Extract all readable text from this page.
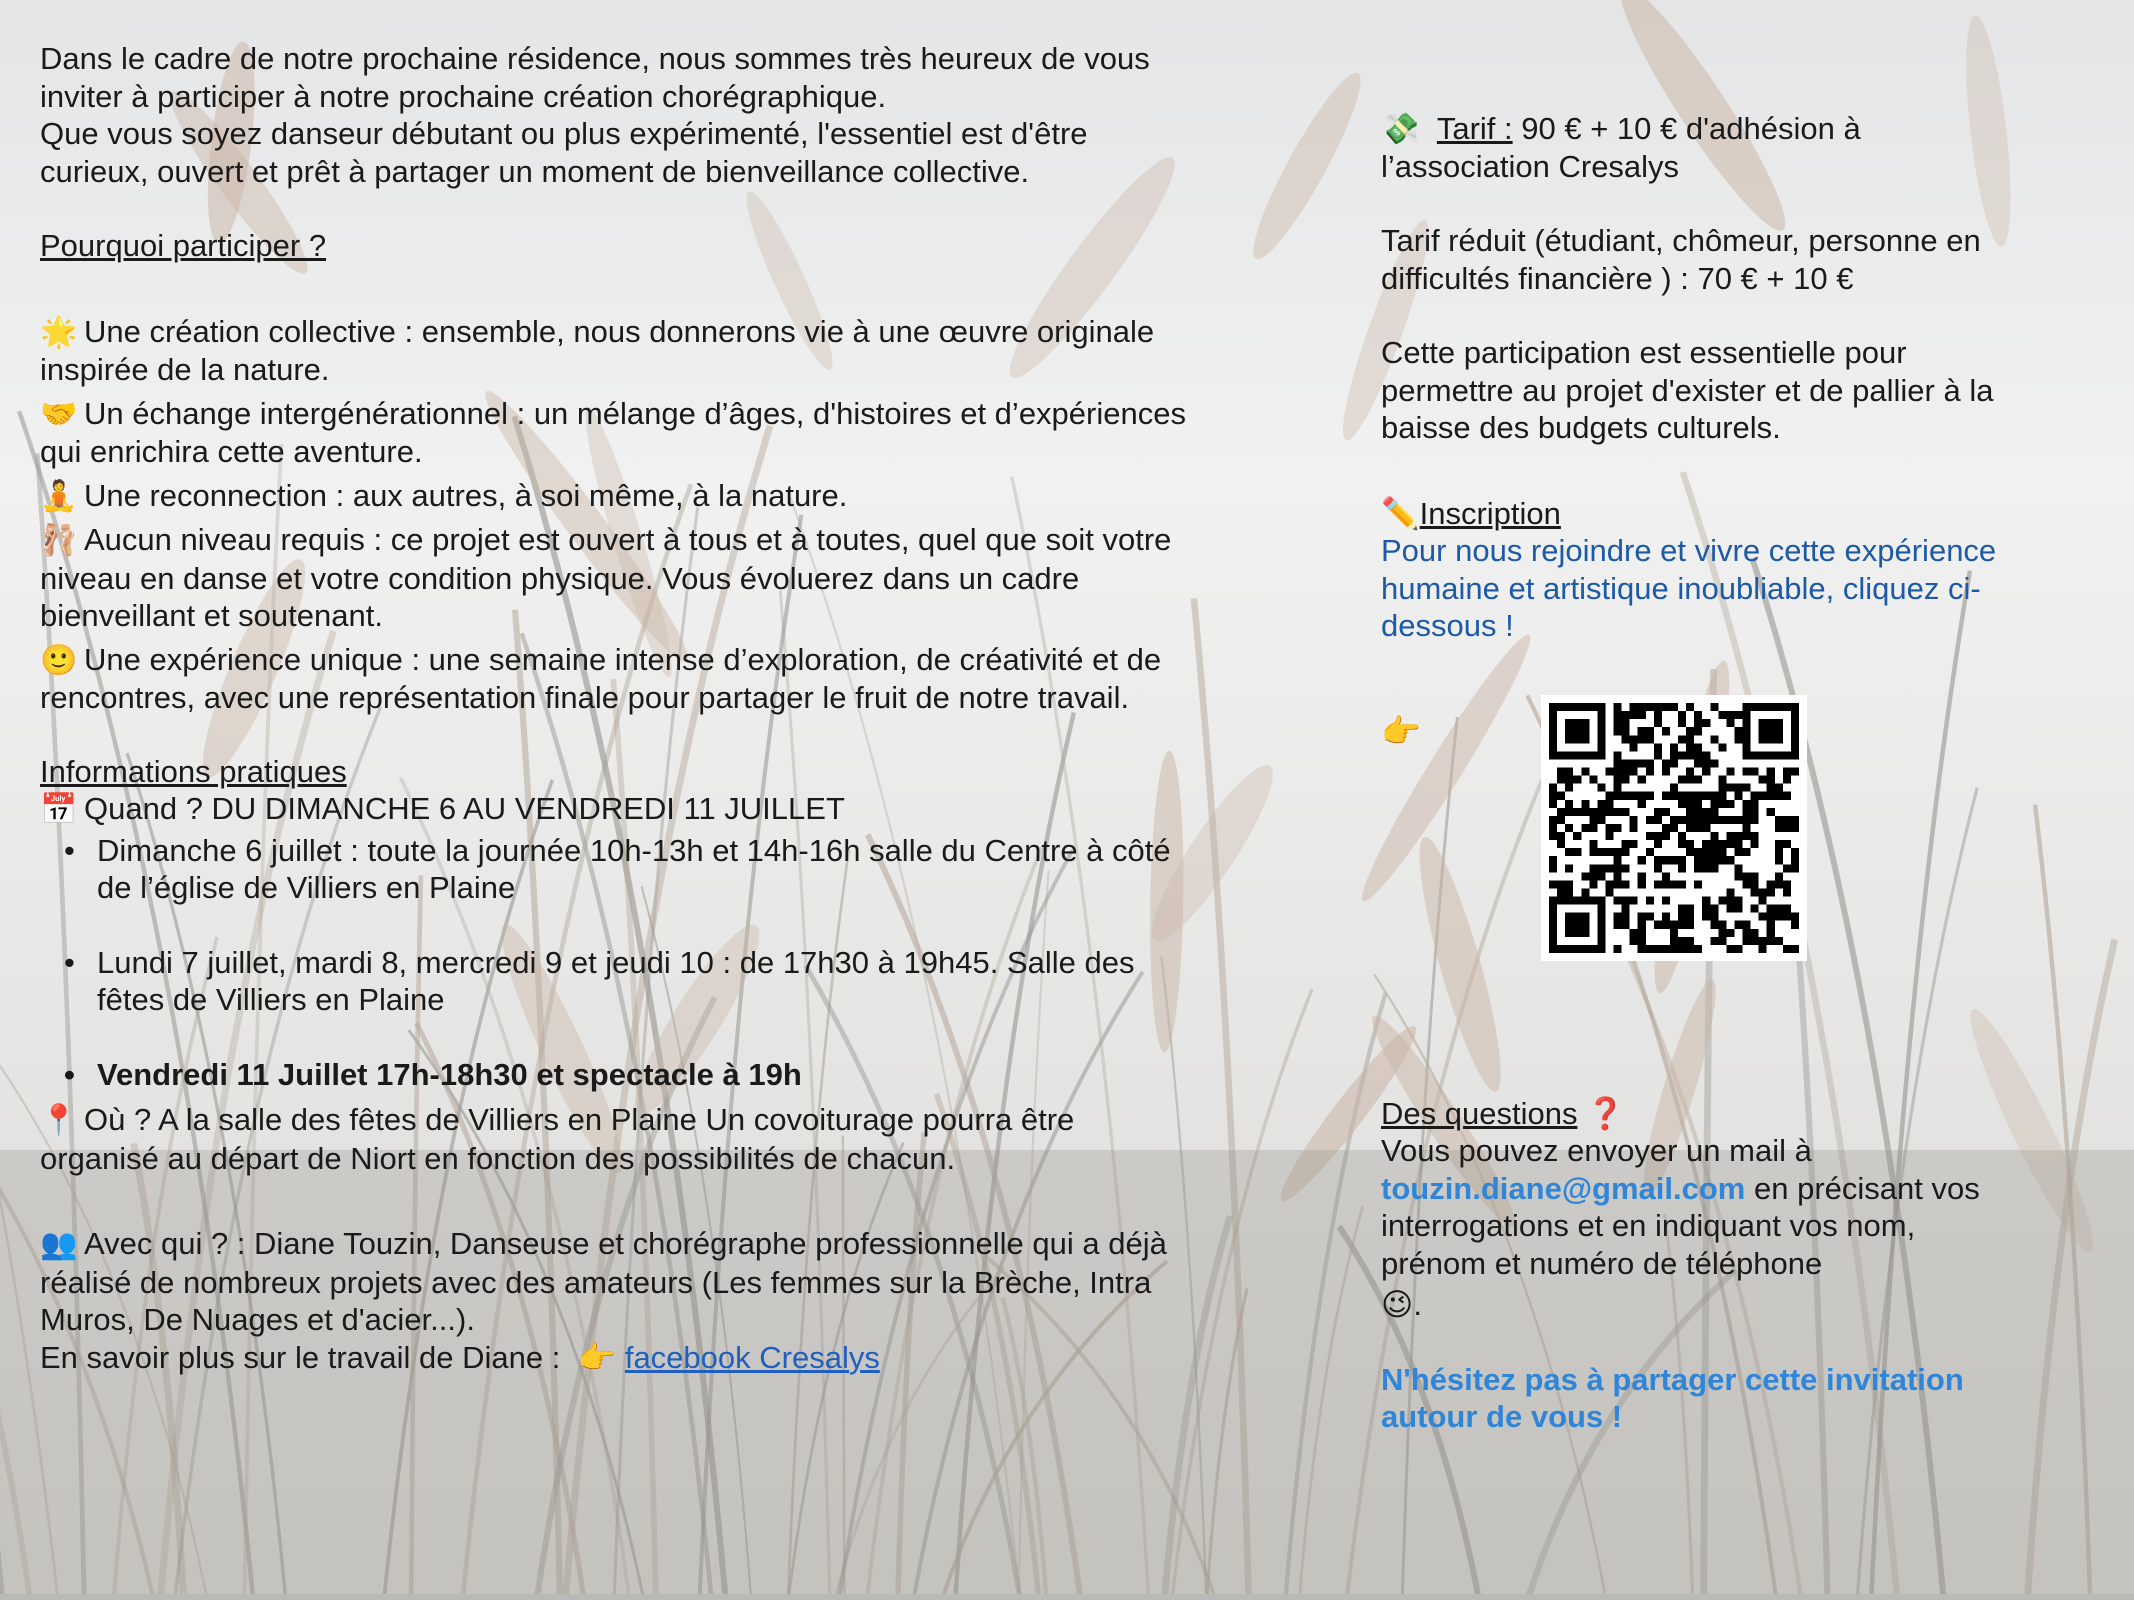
Dans le cadre de notre prochaine résidence, nous sommes très heureux de vous inviter à participer à notre prochaine création chorégraphique.

Que vous soyez danseur débutant ou plus expérimenté, l'essentiel est d'être curieux, ouvert et prêt à partager un moment de bienveillance collective.

Pourquoi participer ?

🌟 Une création collective : ensemble, nous donnerons vie à une œuvre originale inspirée de la nature.

🤝 Un échange intergénérationnel : un mélange d’âges, d'histoires et d’expériences qui enrichira cette aventure.

🧘 Une reconnection : aux autres, à soi même, à la nature.

🩰 Aucun niveau requis : ce projet est ouvert à tous et à toutes, quel que soit votre niveau en danse et votre condition physique. Vous évoluerez dans un cadre bienveillant et soutenant.

🙂 Une expérience unique : une semaine intense d’exploration, de créativité et de rencontres, avec une représentation finale pour partager le fruit de notre travail.

Informations pratiques

📅 Quand ? DU DIMANCHE 6 AU VENDREDI 11 JUILLET

• Dimanche 6 juillet : toute la journée 10h-13h et 14h-16h salle du Centre à côté de l’église de Villiers en Plaine
• Lundi 7 juillet, mardi 8, mercredi 9 et jeudi 10 : de 17h30 à 19h45. Salle des fêtes de Villiers en Plaine
• Vendredi 11 Juillet 17h-18h30 et spectacle à 19h

📍 Où ? A la salle des fêtes de Villiers en Plaine Un covoiturage pourra être organisé au départ de Niort en fonction des possibilités de chacun.

👥 Avec qui ? : Diane Touzin, Danseuse et chorégraphe professionnelle qui a déjà réalisé de nombreux projets avec des amateurs (Les femmes sur la Brèche, Intra Muros, De Nuages et d'acier...).

En savoir plus sur le travail de Diane : 👉 facebook Cresalys

💸 Tarif : 90 € + 10 € d'adhésion à l’association Cresalys

Tarif réduit (étudiant, chômeur, personne en difficultés financière ) : 70 € + 10 €

Cette participation est essentielle pour permettre au projet d'exister et de pallier à la baisse des budgets culturels.

✏️Inscription

Pour nous rejoindre et vivre cette expérience humaine et artistique inoubliable, cliquez ci-dessous !

👉

Des questions ❓

Vous pouvez envoyer un mail à touzin.diane@gmail.com en précisant vos interrogations et en indiquant vos nom, prénom et numéro de téléphone

😉.

N'hésitez pas à partager cette invitation autour de vous !
